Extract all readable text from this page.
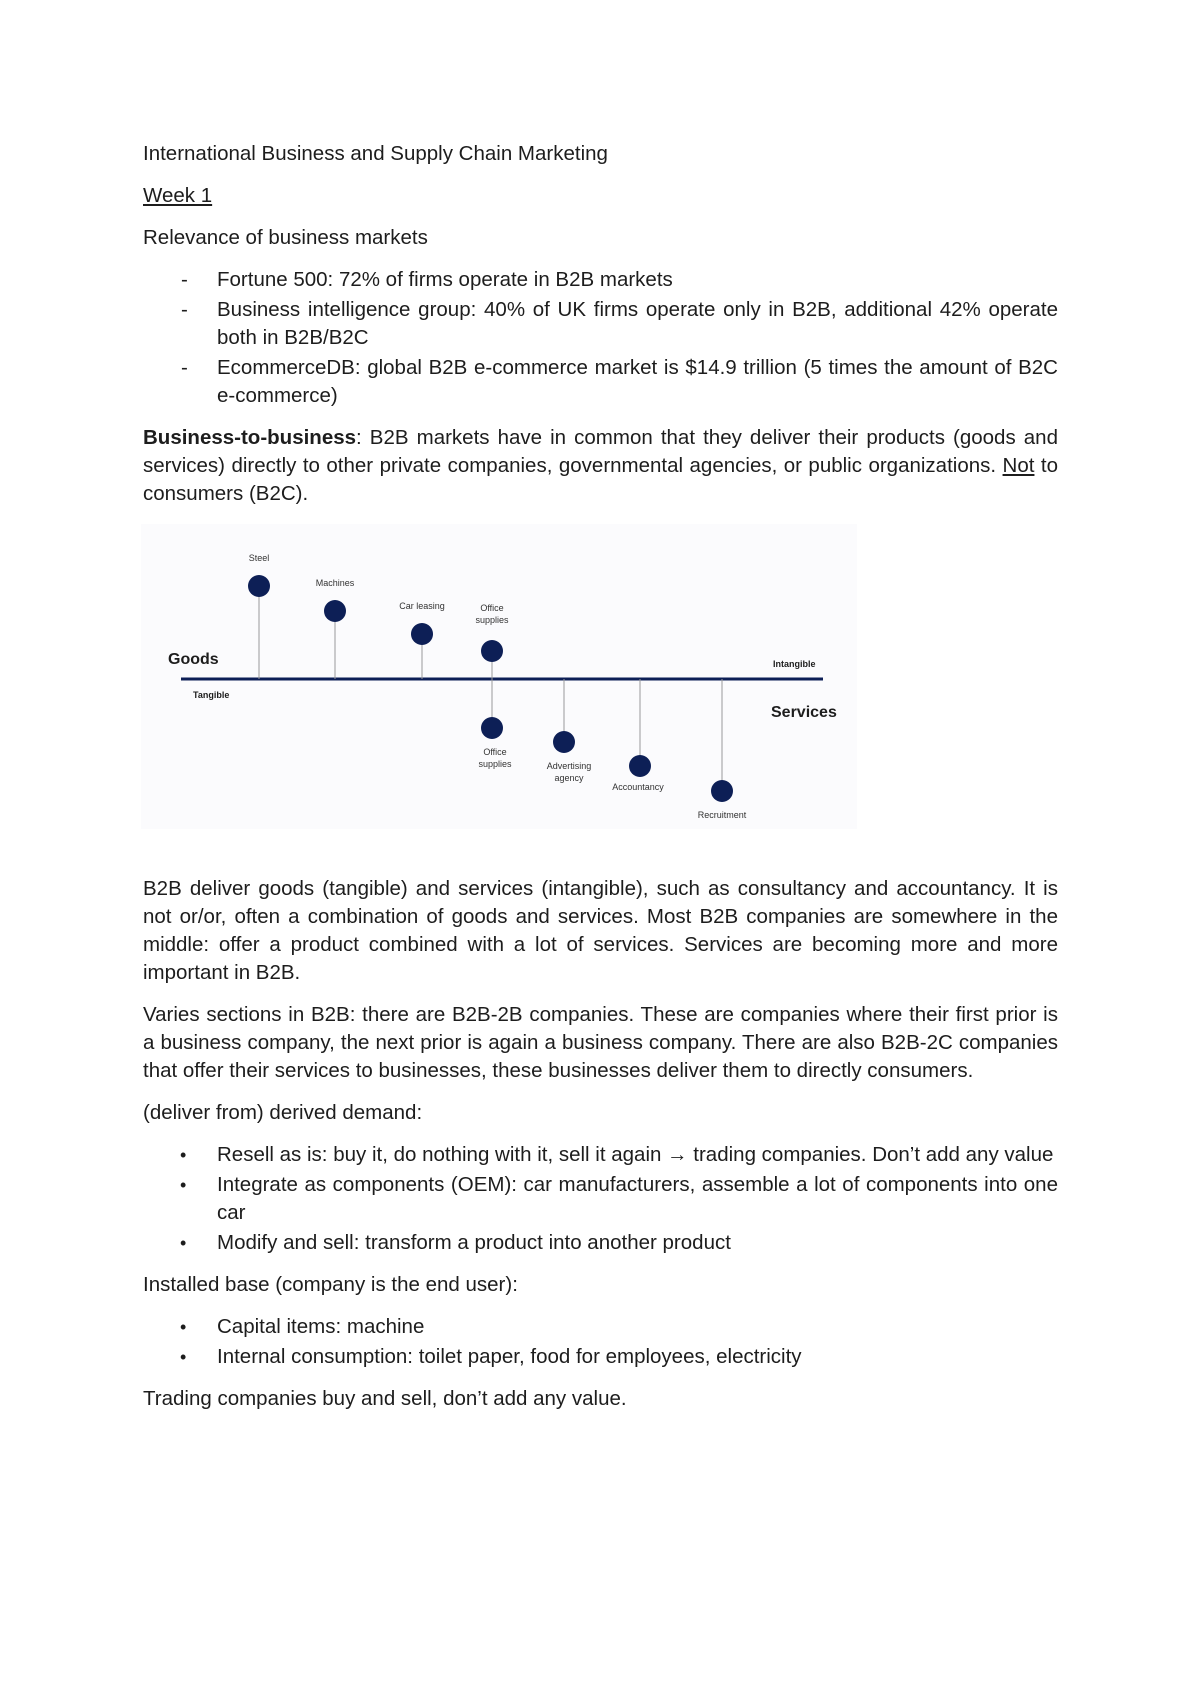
International Business and Supply Chain Marketing

Week 1

Relevance of business markets

- Fortune 500: 72% of firms operate in B2B markets
- Business intelligence group: 40% of UK firms operate only in B2B, additional 42% operate both in B2B/B2C
- EcommerceDB: global B2B e-commerce market is $14.9 trillion (5 times the amount of B2C e-commerce)

Business-to-business: B2B markets have in common that they deliver their products (goods and services) directly to other private companies, governmental agencies, or public organizations. Not to consumers (B2C).

Goods
Tangible
Intangible
Services
Steel
Machines
Car leasing	Office
supplies
Office
supplies	Advertising
agency
Accountancy
Recruitment

B2B deliver goods (tangible) and services (intangible), such as consultancy and accountancy. It is not or/or, often a combination of goods and services. Most B2B companies are somewhere in the middle: offer a product combined with a lot of services. Services are becoming more and more important in B2B.

Varies sections in B2B: there are B2B-2B companies. These are companies where their first prior is a business company, the next prior is again a business company. There are also B2B-2C companies that offer their services to businesses, these businesses deliver them to directly consumers.

(deliver from) derived demand:

• Resell as is: buy it, do nothing with it, sell it again → trading companies. Don’t add any value
• Integrate as components (OEM): car manufacturers, assemble a lot of components into one car
• Modify and sell: transform a product into another product

Installed base (company is the end user):

• Capital items: machine
• Internal consumption: toilet paper, food for employees, electricity

Trading companies buy and sell, don’t add any value.
